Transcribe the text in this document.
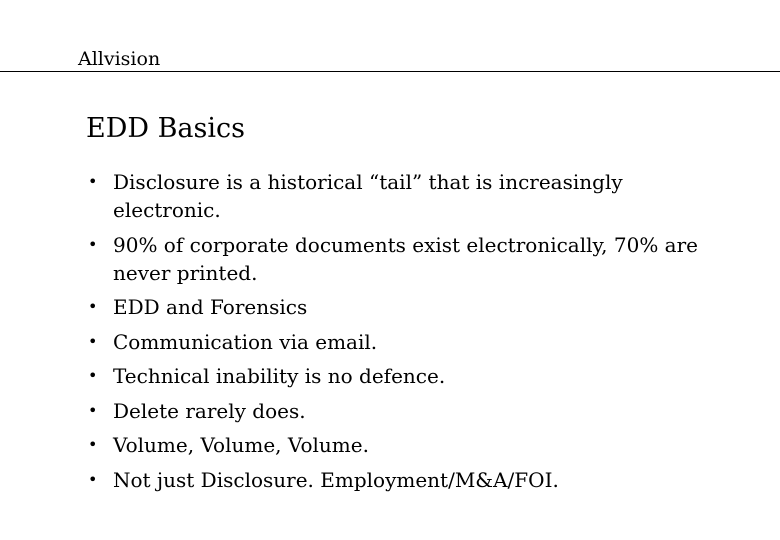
Allvision
EDD Basics
• Disclosure is a historical “tail” that is increasingly electronic.
• 90% of corporate documents exist electronically, 70% are never printed.
• EDD and Forensics
• Communication via email.
• Technical inability is no defence.
• Delete rarely does.
• Volume, Volume, Volume.
• Not just Disclosure. Employment/M&A/FOI.
